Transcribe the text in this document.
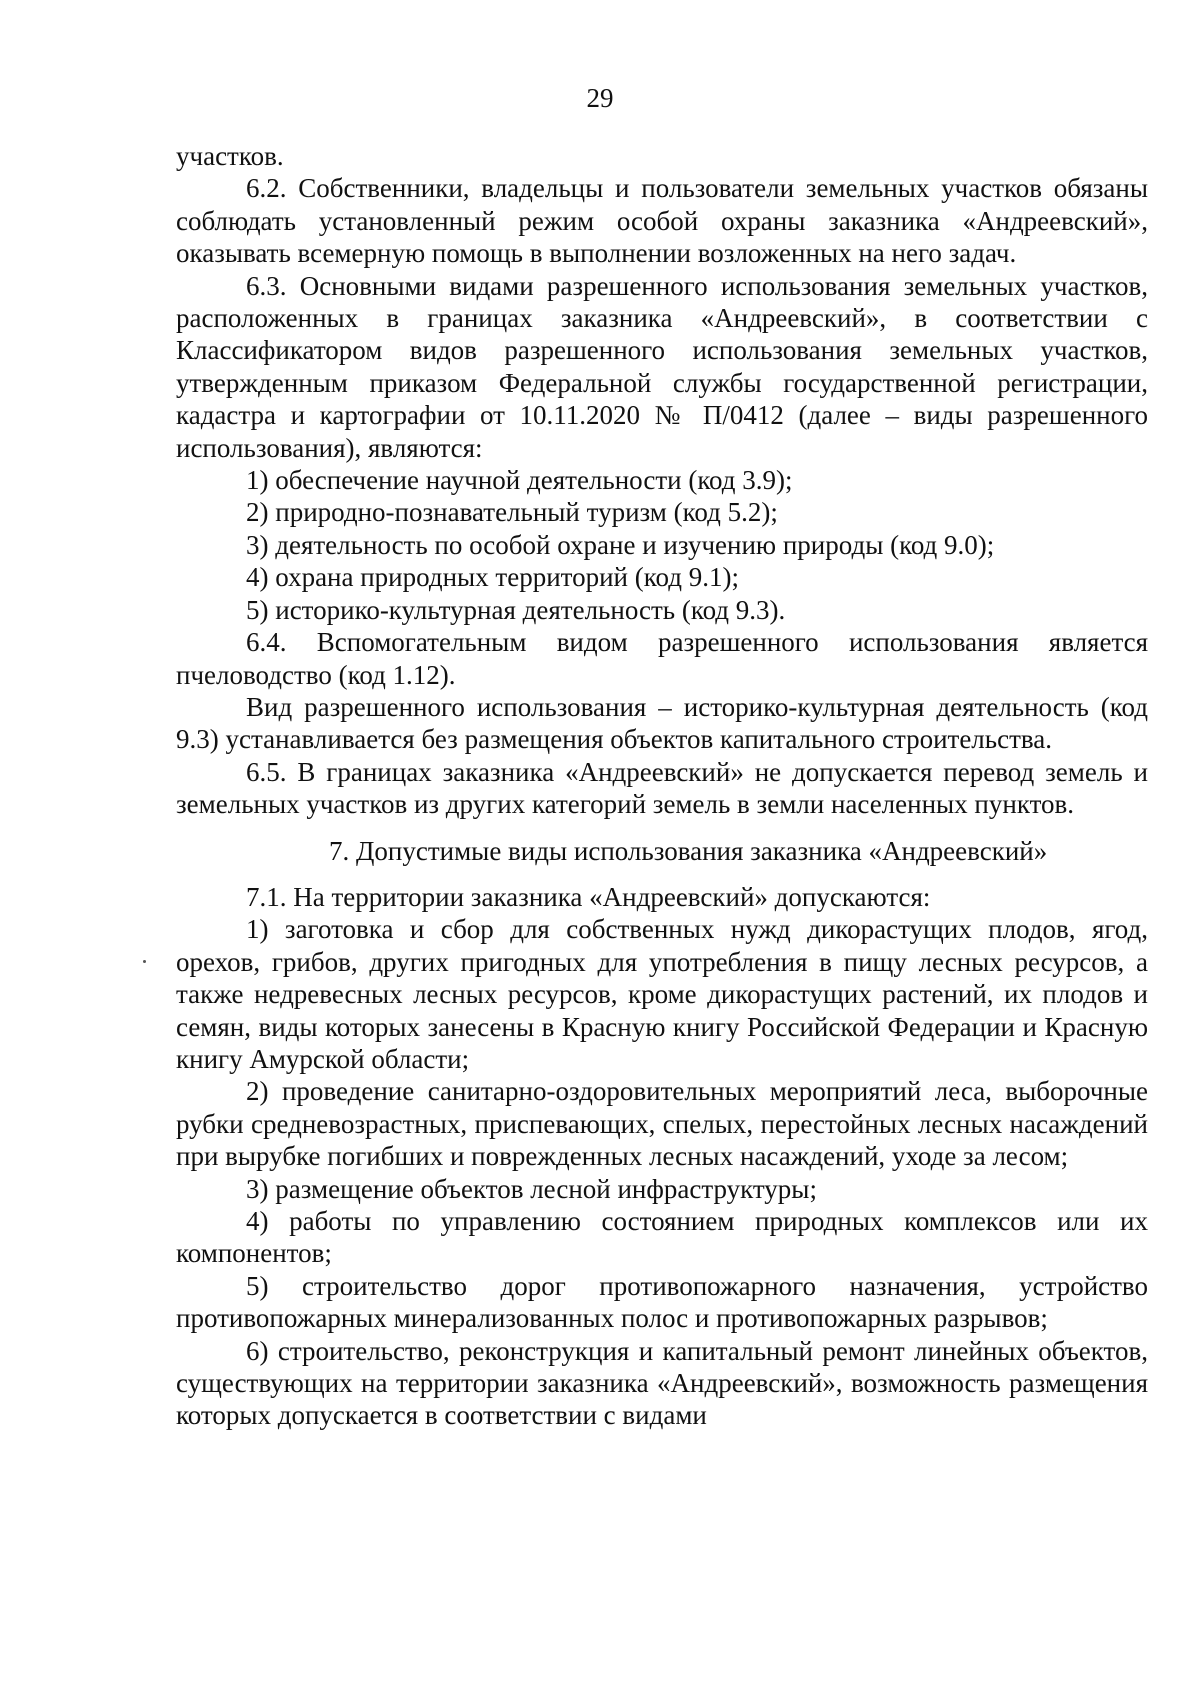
29

участков.

6.2. Собственники, владельцы и пользователи земельных участков обязаны соблюдать установленный режим особой охраны заказника «Андреевский», оказывать всемерную помощь в выполнении возложенных на него задач.

6.3. Основными видами разрешенного использования земельных участков, расположенных в границах заказника «Андреевский», в соответствии с Классификатором видов разрешенного использования земельных участков, утвержденным приказом Федеральной службы государственной регистрации, кадастра и картографии от 10.11.2020 № П/0412 (далее – виды разрешенного использования), являются:

1) обеспечение научной деятельности (код 3.9);

2) природно-познавательный туризм (код 5.2);

3) деятельность по особой охране и изучению природы (код 9.0);

4) охрана природных территорий (код 9.1);

5) историко-культурная деятельность (код 9.3).

6.4. Вспомогательным видом разрешенного использования является пчеловодство (код 1.12).

Вид разрешенного использования – историко-культурная деятельность (код 9.3) устанавливается без размещения объектов капитального строительства.

6.5. В границах заказника «Андреевский» не допускается перевод земель и земельных участков из других категорий земель в земли населенных пунктов.

7. Допустимые виды использования заказника «Андреевский»

7.1. На территории заказника «Андреевский» допускаются:

1) заготовка и сбор для собственных нужд дикорастущих плодов, ягод, орехов, грибов, других пригодных для употребления в пищу лесных ресурсов, а также недревесных лесных ресурсов, кроме дикорастущих растений, их плодов и семян, виды которых занесены в Красную книгу Российской Федерации и Красную книгу Амурской области;

2) проведение санитарно-оздоровительных мероприятий леса, выборочные рубки средневозрастных, приспевающих, спелых, перестойных лесных насаждений при вырубке погибших и поврежденных лесных насаждений, уходе за лесом;

3) размещение объектов лесной инфраструктуры;

4) работы по управлению состоянием природных комплексов или их компонентов;

5) строительство дорог противопожарного назначения, устройство противопожарных минерализованных полос и противопожарных разрывов;

6) строительство, реконструкция и капитальный ремонт линейных объектов, существующих на территории заказника «Андреевский», возможность размещения которых допускается в соответствии с видами
